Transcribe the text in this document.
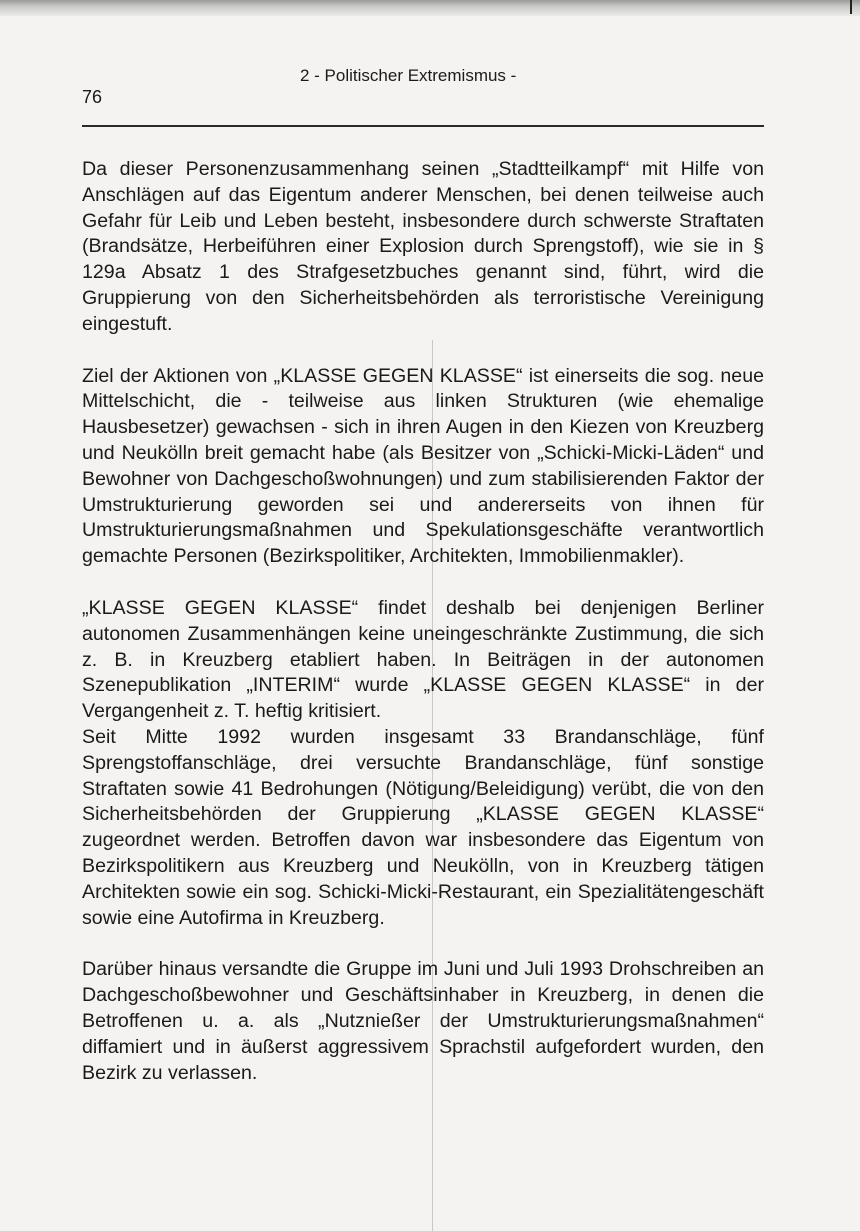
2 - Politischer Extremismus -
76

Da dieser Personenzusammenhang seinen „Stadtteilkampf“ mit Hilfe von Anschlägen auf das Eigentum anderer Menschen, bei denen teilweise auch Gefahr für Leib und Leben besteht, insbesondere durch schwerste Straftaten (Brandsätze, Herbeiführen einer Explosion durch Sprengstoff), wie sie in § 129a Absatz 1 des Strafgesetzbuches genannt sind, führt, wird die Gruppierung von den Sicherheitsbehörden als terroristische Vereinigung eingestuft.

Ziel der Aktionen von „KLASSE GEGEN KLASSE“ ist einerseits die sog. neue Mittelschicht, die - teilweise aus linken Strukturen (wie ehemalige Hausbesetzer) gewachsen - sich in ihren Augen in den Kiezen von Kreuzberg und Neukölln breit gemacht habe (als Besitzer von „Schicki-Micki-Läden“ und Bewohner von Dachgeschoßwohnungen) und zum stabilisierenden Faktor der Umstrukturierung geworden sei und andererseits von ihnen für Umstrukturierungsmaßnahmen und Spekulationsgeschäfte verantwortlich gemachte Personen (Bezirkspolitiker, Architekten, Immobilienmakler).

„KLASSE GEGEN KLASSE“ findet deshalb bei denjenigen Berliner autonomen Zusammenhängen keine uneingeschränkte Zustimmung, die sich z. B. in Kreuzberg etabliert haben. In Beiträgen in der autonomen Szenepublikation „INTERIM“ wurde „KLASSE GEGEN KLASSE“ in der Vergangenheit z. T. heftig kritisiert.

Seit Mitte 1992 wurden insgesamt 33 Brandanschläge, fünf Sprengstoffanschläge, drei versuchte Brandanschläge, fünf sonstige Straftaten sowie 41 Bedrohungen (Nötigung/Beleidigung) verübt, die von den Sicherheitsbehörden der Gruppierung „KLASSE GEGEN KLASSE“ zugeordnet werden. Betroffen davon war insbesondere das Eigentum von Bezirkspolitikern aus Kreuzberg und Neukölln, von in Kreuzberg tätigen Architekten sowie ein sog. Schicki-Micki-Restaurant, ein Spezialitätengeschäft sowie eine Autofirma in Kreuzberg.

Darüber hinaus versandte die Gruppe im Juni und Juli 1993 Drohschreiben an Dachgeschoßbewohner und Geschäftsinhaber in Kreuzberg, in denen die Betroffenen u. a. als „Nutznießer der Umstrukturierungsmaßnahmen“ diffamiert und in äußerst aggressivem Sprachstil aufgefordert wurden, den Bezirk zu verlassen.
